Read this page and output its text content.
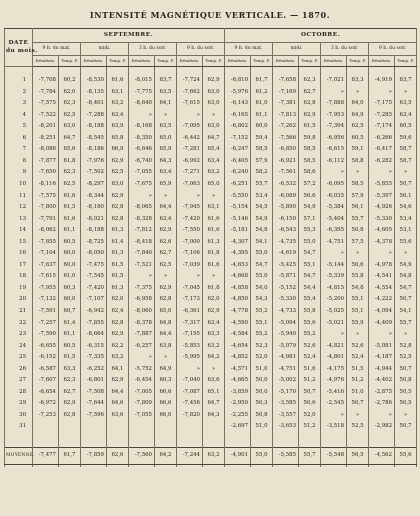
INTENSITÉ MAGNÉTIQUE VERTICALE. — 1870.
DATE
du mois.	SEPTEMBRE.								OCTOBRE.							
	9 h. du mat.		midi.		3 h. du soir.		9 h. du soir.		9 h. du mat.		midi.		3 h. du soir.		9 h. du soir.	
	Résultats.	Temp. F.	Résultats.	Temp. F.	Résultats.	Temp. F.	Résultats.	Temp. F.	Résultats.	Temp. F.	Résultats.	Temp. F.	Résultats.	Temp. F.	Résultats.	Temp. F.

1	-7,708	60,2	-8,530	61,6	-8,015	63,7	-7,724	62,9	-6,810	61,7	-7,658	62,3	-7,021	63,3	-4,919	63,7
2	-7,784	62,0	-8,135	63,1	-7,775	63,5	-7,662	63,0	-5,976	61,2	-7,169	62,7	»	»	»	»
3	-7,575	62,3	-8,401	63,2	-8,640	64,1	-7,615	63,0	-6,143	61,0	-7,381	62,8	-7,888	64,0	-7,175	63,5
4	-7,522	62,5	-7,288	63,4	»	»	»	»	-6,165	61,1	-7,813	62,9	-7,953	64,9	-7,285	63,4
5	-8,201	63,0	-8,188	63,9	-8,168	63,5	-7,095	63,0	-6,802	60,0	-7,262	61,5	-7,394	62,5	-7,174	60,5
6	-8,251	64,7	-8,545	65,8	-8,350	65,0	-6,442	64,7	-7,152	59,4	-7,566	59,8	-6,956	60,5	-6,266	59,6
7	-8,086	65,6	-8,186	66,9	-6,646	65,9	-7,281	65,4	-6,247	58,5	-6,850	58,5	-6,615	59,1	-6,417	58,7
8	-7,877	61,8	-7,976	62,9	-6,740	64,3	-6,992	63,4	-6,405	57,9	-6,921	58,5	-6,112	58,8	-6,282	58,7
9	-7,650	62,3	-7,502	62,5	-7,055	63,4	-7,271	63,2	-6,240	58,2	-7,561	58,6	»	»	»	»
10	-8,116	62,5	-8,297	63,0	-7,675	65,9	-7,063	65,0	-6,251	55,7	-6,532	57,2	-6,095	58,5	-5,855	50,7
11	-7,575	61,6	-8,344	62,9	»	»	»	»	-5,550	53,4	-6,089	56,6	-6,035	57,9	-5,397	56,1
12	-7,800	61,5	-8,180	62,8	-8,065	64,4	-7,945	63,1	-5,154	54,5	-5,890	54,9	-5,384	56,1	-4,926	54,6
13	-7,791	61,6	-8,021	62,8	-8,328	63,4	-7,420	61,6	-5,146	54,9	-6,150	57,1	-5,404	55,7	-5,330	53,4
14	-8,062	61,1	-8,188	61,3	-7,812	62,9	-7,550	61,6	-5,181	54,8	-6,543	55,3	-6,395	50,8	-4,605	53,1
15	-7,855	60,5	-8,725	61,4	-8,418	62,6	-7,000	61,3	-4,307	54,1	-4,735	55,0	-4,751	57,5	-4,378	55,6
16	-7,104	60,0	-8,050	61,3	-7,840	62,7	-7,106	61,8	-4,395	55,0	-4,619	54,7	»	»	»	»
17	-7,637	60,0	-7,475	61,5	-7,521	62,5	-7,039	61,6	-4,653	54,7	-5,425	55,1	-5,144	56,6	-4,978	54,9
18	-7,615	61,0	-7,545	61,5	»	»	»	»	-4,668	55,0	-5,871	54,7	-5,339	55,8	-4,541	54,8
19	-7,955	60,3	-7,420	61,3	-7,375	62,9	-7,045	61,8	-4,858	54,0	-5,152	54,4	-4,815	54,8	-4,554	54,7
20	-7,132	60,0	-7,107	62,0	-6,958	62,8	-7,173	62,0	-4,850	54,3	-5,330	55,4	-5,200	55,1	-4,222	50,7
21	-7,591	60,7	-6,942	62,4	-8,060	65,0	-6,361	62,9	-4,778	55,2	-4,733	55,8	-5,025	55,1	-4,094	54,1
22	-7,257	61,4	-7,855	62,8	-8,378	64,8	-7,317	63,4	-4,590	55,1	-5,094	55,6	-5,021	55,9	-4,409	55,7
23	-7,590	61,1	-8,664	62,9	-7,887	64,4	-7,195	63,3	-4,584	55,2	-5,940	55,2	»	»	»	»
24	-6,655	60,5	-6,315	62,2	-6,257	63,8	-5,853	63,2	-4,654	52,3	-5,079	52,6	-4,821	52,6	-5,081	52,8
25	-6,152	61,5	-7,335	63,2	»	»	-5,995	64,2	-4,852	52,0	-4,981	52,4	-4,801	52,4	-4,187	52,5
26	-6,587	63,3	-6,252	64,1	-5,752	64,9	»	»	-4,571	51,0	-4,751	51,6	-4,175	51,5	-4,944	50,7
27	-7,607	62,3	-6,801	62,9	-6,454	60,3	-7,040	63,6	-4,665	50,0	-5,002	51,2	-4,976	51,2	-4,402	50,8
28	-6,654	62,7	-7,508	64,4	-7,005	66,6	-7,087	65,1	-3,859	50,0	-5,170	50,7	-5,416	51,0	-2,875	50,5
29	-6,972	62,9	-7,644	64,6	-7,809	66,6	-7,456	64,7	-2,950	50,3	-3,585	50,6	-2,545	50,7	-2,786	50,5
30	-7,253	62,8	-7,596	63,6	-7,055	66,0	-7,820	64,3	-2,255	50,8	-3,557	52,0	»	»	»	»
31									-2,697	51,0	-3,653	51,2	-3,518	52,5	-2,982	50,7

MOYENNE.	-7,477	61,7	-7,859	62,6	-7,560	64,2	-7,244	63,2	-4,901	55,0	-5,585	55,7	-5,548	56,5	-4,562	55,6
